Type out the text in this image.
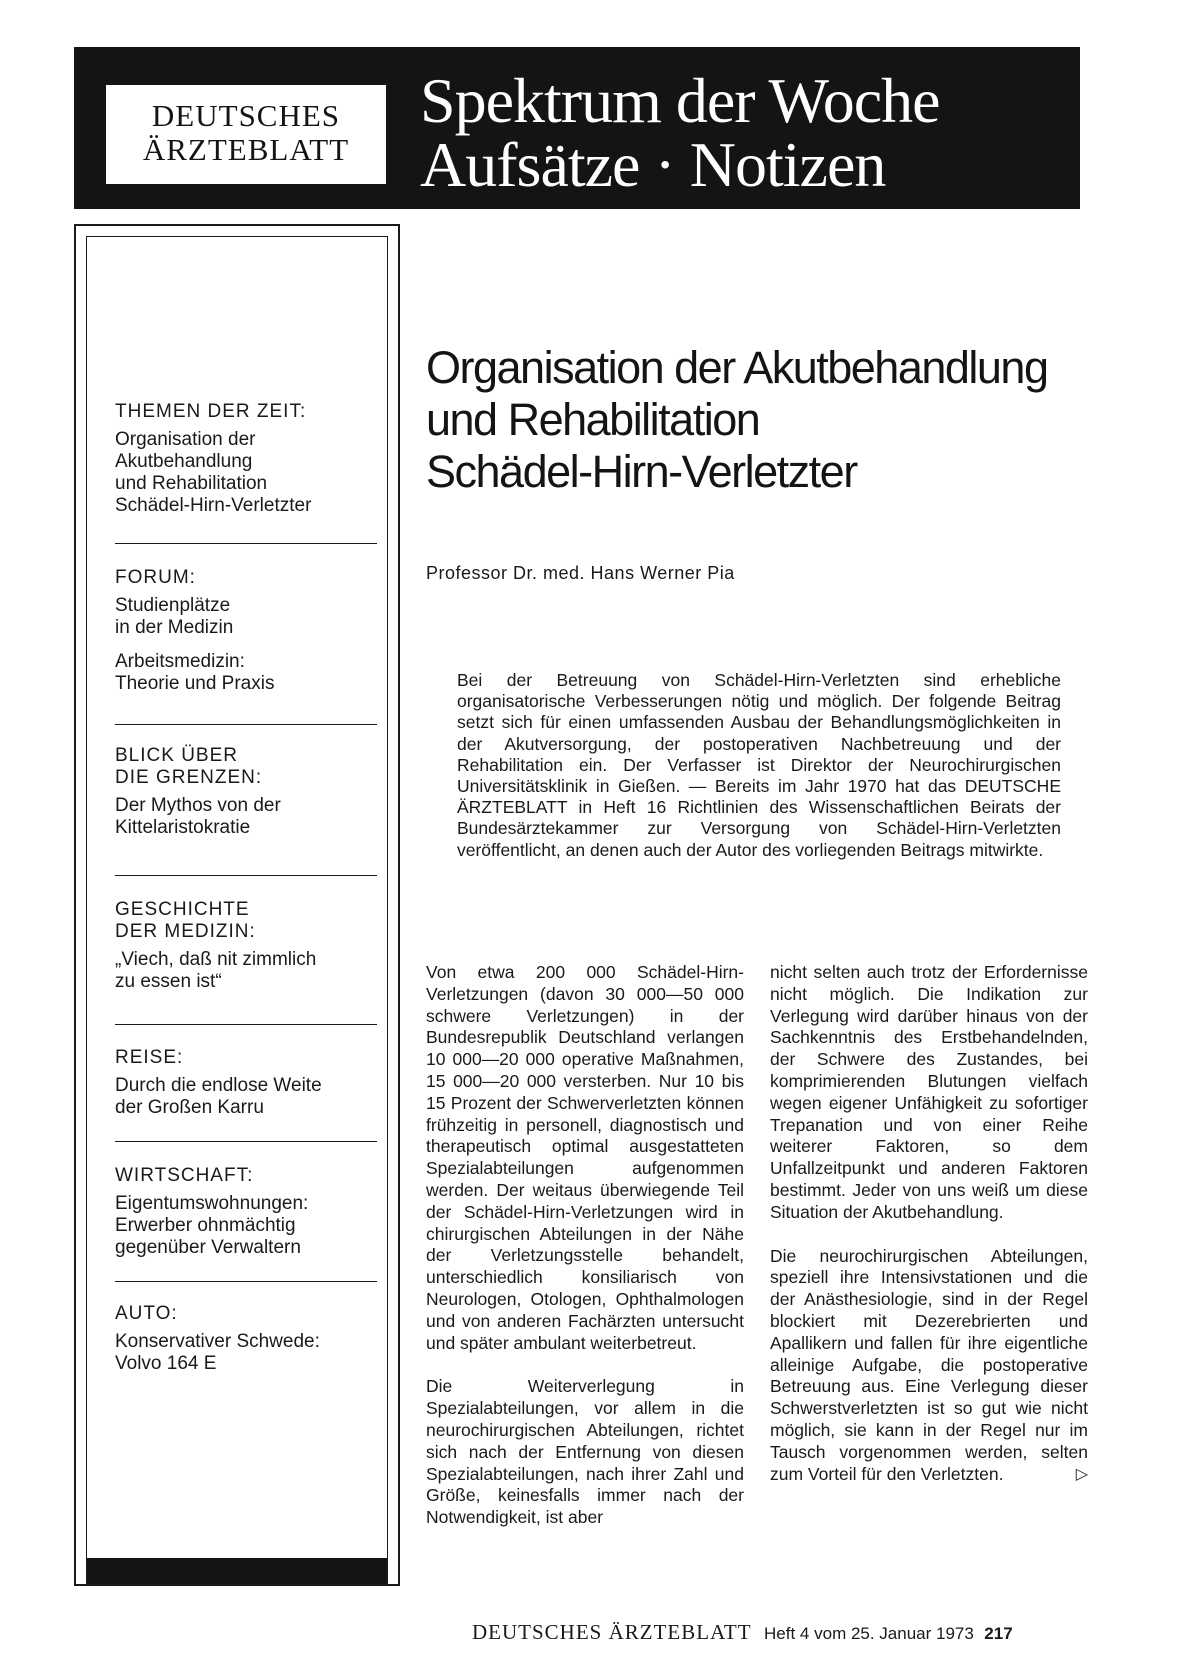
DEUTSCHES
ÄRZTEBLATT
Spektrum der Woche
Aufsätze · Notizen
THEMEN DER ZEIT:
Organisation der
Akutbehandlung
und Rehabilitation
Schädel-Hirn-Verletzter
FORUM:
Studienplätze
in der Medizin
Arbeitsmedizin:
Theorie und Praxis
BLICK ÜBER
DIE GRENZEN:
Der Mythos von der
Kittelaristokratie
GESCHICHTE
DER MEDIZIN:
„Viech, daß nit zimmlich
zu essen ist“
REISE:
Durch die endlose Weite
der Großen Karru
WIRTSCHAFT:
Eigentumswohnungen:
Erwerber ohnmächtig
gegenüber Verwaltern
AUTO:
Konservativer Schwede:
Volvo 164 E
Organisation der Akutbehandlung
und Rehabilitation
Schädel-Hirn-Verletzter
Professor Dr. med. Hans Werner Pia
Bei der Betreuung von Schädel-Hirn-Verletzten sind erhebliche organisatorische Verbesserungen nötig und möglich. Der folgende Beitrag setzt sich für einen umfassenden Ausbau der Behandlungsmöglichkeiten in der Akutversorgung, der postoperativen Nachbetreuung und der Rehabilitation ein. Der Verfasser ist Direktor der Neurochirurgischen Universitätsklinik in Gießen. — Bereits im Jahr 1970 hat das DEUTSCHE ÄRZTEBLATT in Heft 16 Richtlinien des Wissenschaftlichen Beirats der Bundesärztekammer zur Versorgung von Schädel-Hirn-Verletzten veröffentlicht, an denen auch der Autor des vorliegenden Beitrags mitwirkte.

Von etwa 200 000 Schädel-Hirn-Verletzungen (davon 30 000—50 000 schwere Verletzungen) in der Bundesrepublik Deutschland verlangen 10 000—20 000 operative Maßnahmen, 15 000—20 000 versterben. Nur 10 bis 15 Prozent der Schwerverletzten können frühzeitig in personell, diagnostisch und therapeutisch optimal ausgestatteten Spezialabteilungen aufgenommen werden. Der weitaus überwiegende Teil der Schädel-Hirn-Verletzungen wird in chirurgischen Abteilungen in der Nähe der Verletzungsstelle behandelt, unterschiedlich konsiliarisch von Neurologen, Otologen, Ophthalmologen und von anderen Fachärzten untersucht und später ambulant weiterbetreut.

Die Weiterverlegung in Spezialabteilungen, vor allem in die neurochirurgischen Abteilungen, richtet sich nach der Entfernung von diesen Spezialabteilungen, nach ihrer Zahl und Größe, keinesfalls immer nach der Notwendigkeit, ist aber

nicht selten auch trotz der Erfordernisse nicht möglich. Die Indikation zur Verlegung wird darüber hinaus von der Sachkenntnis des Erstbehandelnden, der Schwere des Zustandes, bei komprimierenden Blutungen vielfach wegen eigener Unfähigkeit zu sofortiger Trepanation und von einer Reihe weiterer Faktoren, so dem Unfallzeitpunkt und anderen Faktoren bestimmt. Jeder von uns weiß um diese Situation der Akutbehandlung.

Die neurochirurgischen Abteilungen, speziell ihre Intensivstationen und die der Anästhesiologie, sind in der Regel blockiert mit Dezerebrierten und Apallikern und fallen für ihre eigentliche alleinige Aufgabe, die postoperative Betreuung aus. Eine Verlegung dieser Schwerstverletzten ist so gut wie nicht möglich, sie kann in der Regel nur im Tausch vorgenommen werden, selten zum Vorteil für den Verletzten.	▷

DEUTSCHES ÄRZTEBLATT Heft 4 vom 25. Januar 1973 217
